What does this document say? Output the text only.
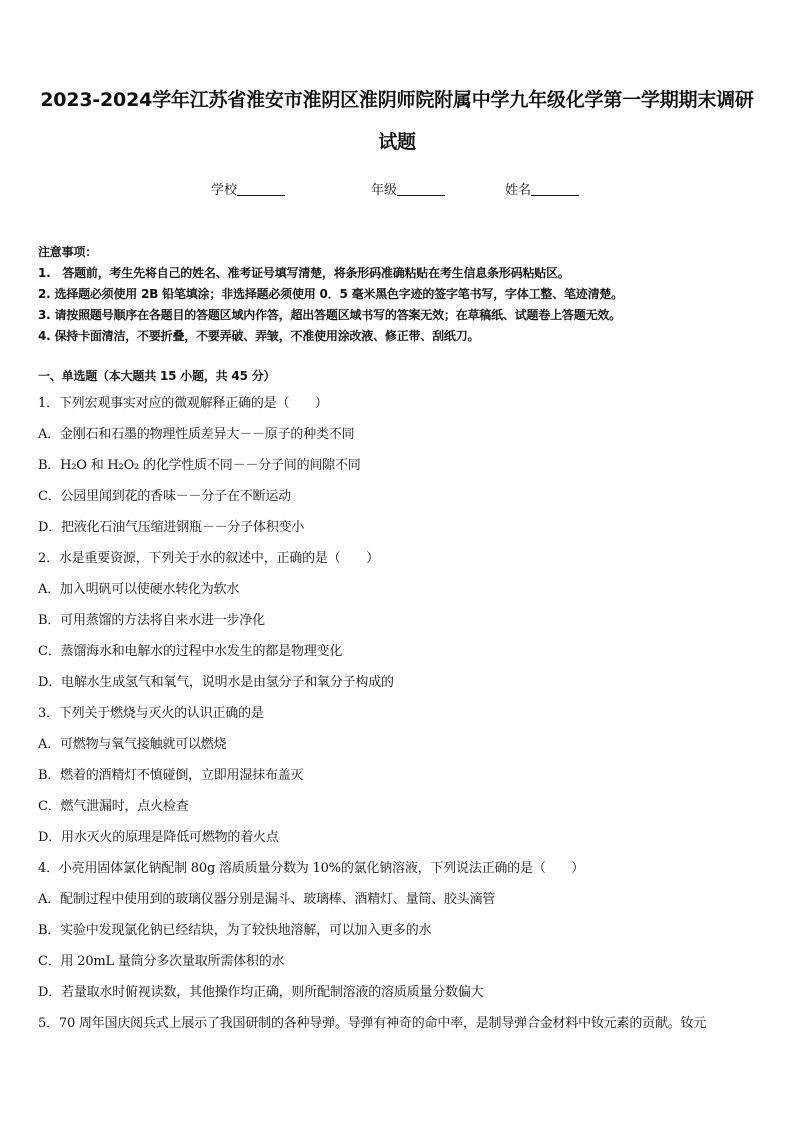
2023-2024学年江苏省淮安市淮阴区淮阴师院附属中学九年级化学第一学期期末调研
试题
学校	年级	姓名
注意事项：
1.　答题前，考生先将自己的姓名、准考证号填写清楚，将条形码准确粘贴在考生信息条形码粘贴区。
2. 选择题必须使用 2B 铅笔填涂；非选择题必须使用 0．5 毫米黑色字迹的签字笔书写，字体工整、笔迹清楚。
3. 请按照题号顺序在各题目的答题区域内作答，超出答题区域书写的答案无效；在草稿纸、试题卷上答题无效。
4. 保持卡面清洁，不要折叠，不要弄破、弄皱，不准使用涂改液、修正带、刮纸刀。
一、单选题（本大题共 15 小题，共 45 分）
1．下列宏观事实对应的微观解释正确的是（　　）
A．金刚石和石墨的物理性质差异大－－原子的种类不同
B．H₂O 和 H₂O₂ 的化学性质不同－－分子间的间隙不同
C．公园里闻到花的香味－－分子在不断运动
D．把液化石油气压缩进钢瓶－－分子体积变小
2．水是重要资源，下列关于水的叙述中，正确的是（　　）
A．加入明矾可以使硬水转化为软水
B．可用蒸馏的方法将自来水进一步净化
C．蒸馏海水和电解水的过程中水发生的都是物理变化
D．电解水生成氢气和氧气，说明水是由氢分子和氧分子构成的
3．下列关于燃烧与灭火的认识正确的是
A．可燃物与氧气接触就可以燃烧
B．燃着的酒精灯不慎碰倒，立即用湿抹布盖灭
C．燃气泄漏时，点火检查
D．用水灭火的原理是降低可燃物的着火点
4．小亮用固体氯化钠配制 80g 溶质质量分数为 10%的氯化钠溶液，下列说法正确的是（　　）
A．配制过程中使用到的玻璃仪器分别是漏斗、玻璃棒、酒精灯、量筒、胶头滴管
B．实验中发现氯化钠已经结块，为了较快地溶解，可以加入更多的水
C．用 20mL 量筒分多次量取所需体积的水
D．若量取水时俯视读数，其他操作均正确，则所配制溶液的溶质质量分数偏大
5．70 周年国庆阅兵式上展示了我国研制的各种导弹。导弹有神奇的命中率，是制导弹合金材料中钕元素的贡献。钕元
